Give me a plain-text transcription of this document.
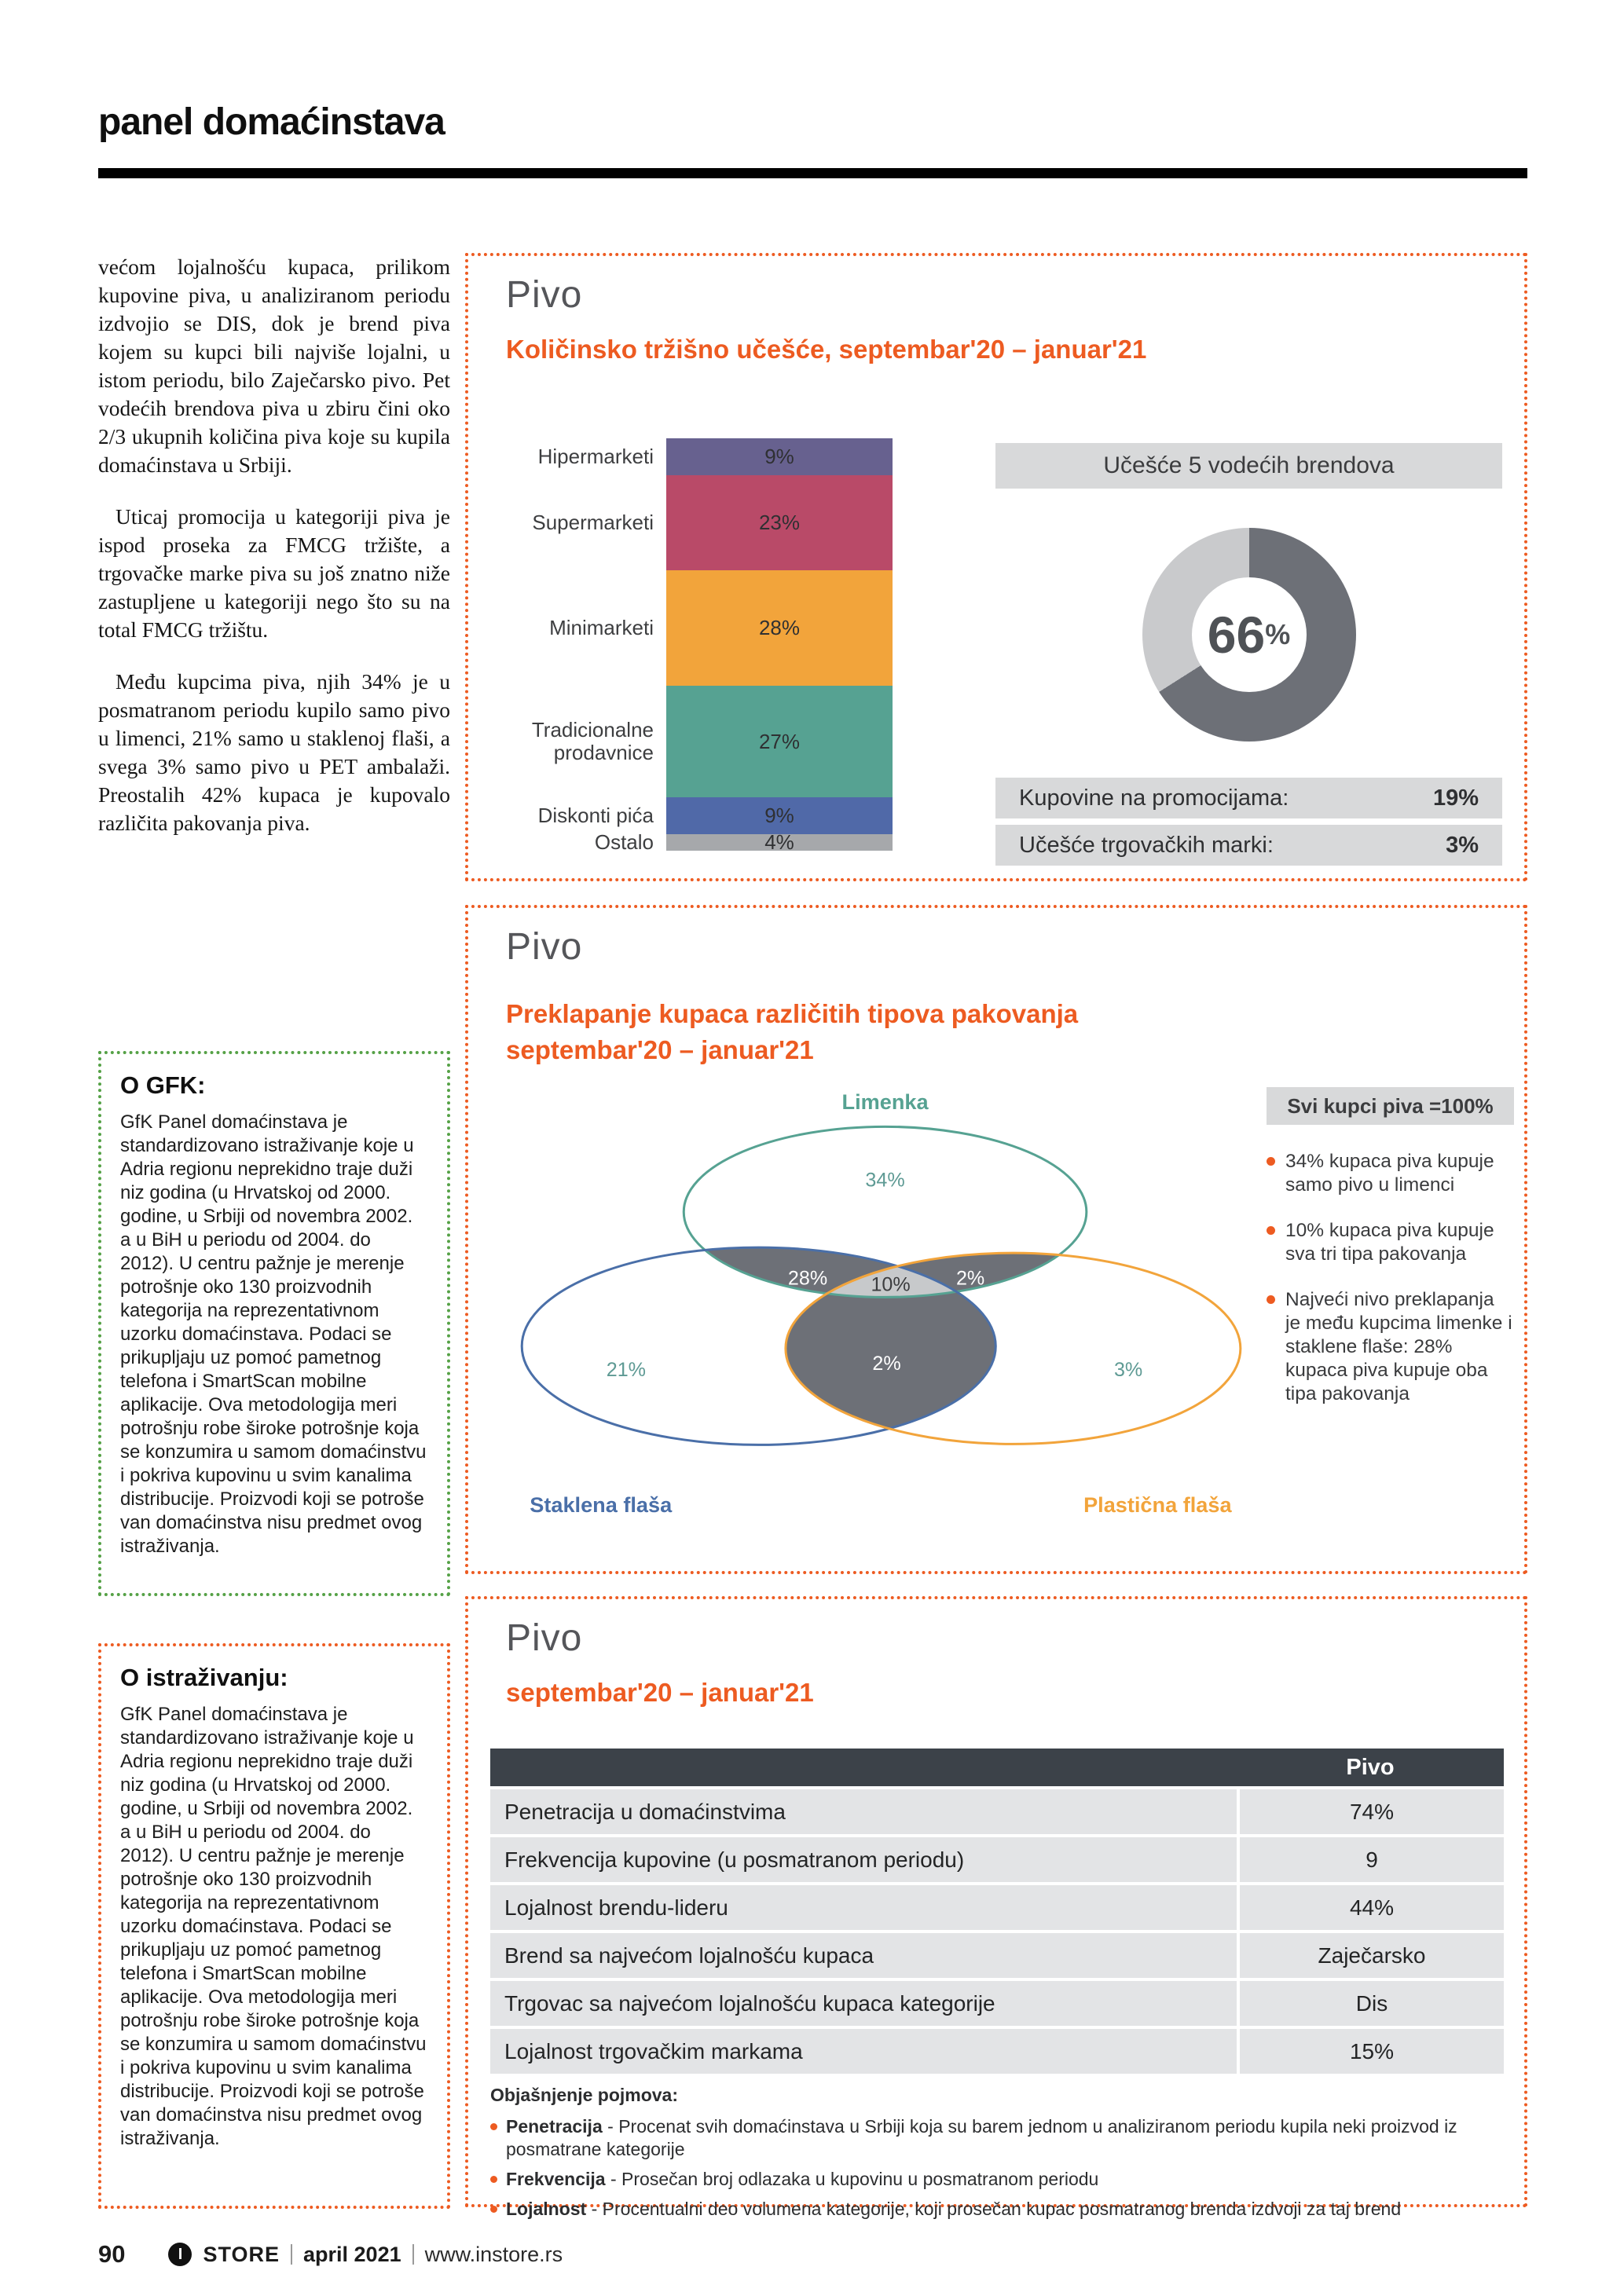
panel domaćinstava

većom lojalnošću kupaca, prilikom kupovine piva, u analiziranom periodu izdvojio se DIS, dok je brend piva kojem su kupci bili najviše lojalni, u istom periodu, bilo Zaječarsko pivo. Pet vodećih brendova piva u zbiru čini oko 2/3 ukupnih količina piva koje su kupila domaćinstava u Srbiji.

Uticaj promocija u kategoriji piva je ispod proseka za FMCG tržište, a trgovačke marke piva su još znatno niže zastupljene u kategoriji nego što su na total FMCG tržištu.

Među kupcima piva, njih 34% je u posmatranom periodu kupilo samo pivo u limenci, 21% samo u staklenoj flaši, a svega 3% samo pivo u PET ambalaži. Preostalih 42% kupaca je kupovalo različita pakovanja piva.

O GFK:

GfK Panel domaćinstava je standardizovano istraživanje koje u Adria regionu neprekidno traje duži niz godina (u Hrvatskoj od 2000. godine, u Srbiji od novembra 2002. a u BiH u periodu od 2004. do 2012). U centru pažnje je merenje potrošnje oko 130 proizvodnih kategorija na reprezentativnom uzorku domaćinstava. Podaci se prikupljaju uz pomoć pametnog telefona i SmartScan mobilne aplikacije. Ova metodologija meri potrošnju robe široke potrošnje koja se konzumira u samom domaćinstvu i pokriva kupovinu u svim kanalima distribucije. Proizvodi koji se potroše van domaćinstva nisu predmet ovog istraživanja.

O istraživanju:

GfK Panel domaćinstava je standardizovano istraživanje koje u Adria regionu neprekidno traje duži niz godina (u Hrvatskoj od 2000. godine, u Srbiji od novembra 2002. a u BiH u periodu od 2004. do 2012). U centru pažnje je merenje potrošnje oko 130 proizvodnih kategorija na reprezentativnom uzorku domaćinstava. Podaci se prikupljaju uz pomoć pametnog telefona i SmartScan mobilne aplikacije. Ova metodologija meri potrošnju robe široke potrošnje koja se konzumira u samom domaćinstvu i pokriva kupovinu u svim kanalima distribucije. Proizvodi koji se potroše van domaćinstva nisu predmet ovog istraživanja.

Pivo
Količinsko tržišno učešće, septembar'20 – januar'21
Hipermarketi	9%
Supermarketi	23%
Minimarketi	28%
Tradicionalne prodavnice	27%
Diskonti pića	9%
Ostalo	4%
Učešće 5 vodećih brendova
66 %
Kupovine na promocijama:	19%
Učešće trgovačkih marki:	3%
Pivo
Preklapanje kupaca različitih tipova pakovanja
septembar'20 – januar'21
Limenka
Staklena flaša	Plastična flaša
34%
28%	2%
10%
2%
21%	3%
Svi kupci piva =100%
34% kupaca piva kupuje samo pivo u limenci
10% kupaca piva kupuje sva tri tipa pakovanja
Najveći nivo preklapanja je među kupcima limenke i staklene flaše: 28% kupaca piva kupuje oba tipa pakovanja
Pivo
septembar'20 – januar'21
Pivo
Penetracija u domaćinstvima	74%
Frekvencija kupovine (u posmatranom periodu)	9
Lojalnost brendu-lideru	44%
Brend sa najvećom lojalnošću kupaca	Zaječarsko
Trgovac sa najvećom lojalnošću kupaca kategorije	Dis
Lojalnost trgovačkim markama	15%
Objašnjenje pojmova:

Penetracija - Procenat svih domaćinstava u Srbiji koja su barem jednom u analiziranom periodu kupila neki proizvod iz posmatrane kategorije

Frekvencija - Prosečan broj odlazaka u kupovinu u posmatranom periodu

Lojalnost - Procentualni deo volumena kategorije, koji prosečan kupac posmatranog brenda izdvoji za taj brend

90	I STORE april 2021 www.instore.rs
